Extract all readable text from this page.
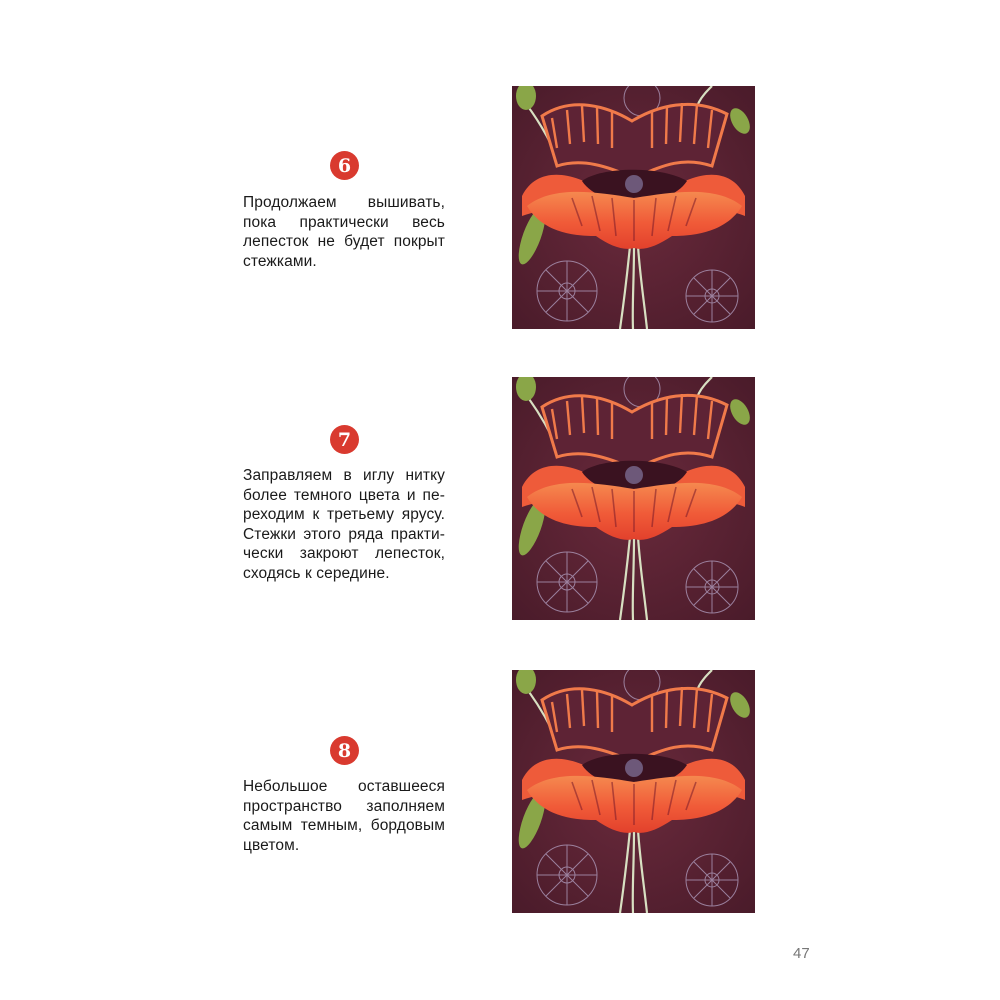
6
Продолжаем вышивать,
пока практически весь
лепесток не будет покрыт
стежками.
7
Заправляем в иглу нитку
более темного цвета и пе-
реходим к третьему ярусу.
Стежки этого ряда практи-
чески закроют лепесток,
сходясь к середине.
8
Небольшое оставшееся
пространство заполняем
самым темным, бордовым
цветом.
47
